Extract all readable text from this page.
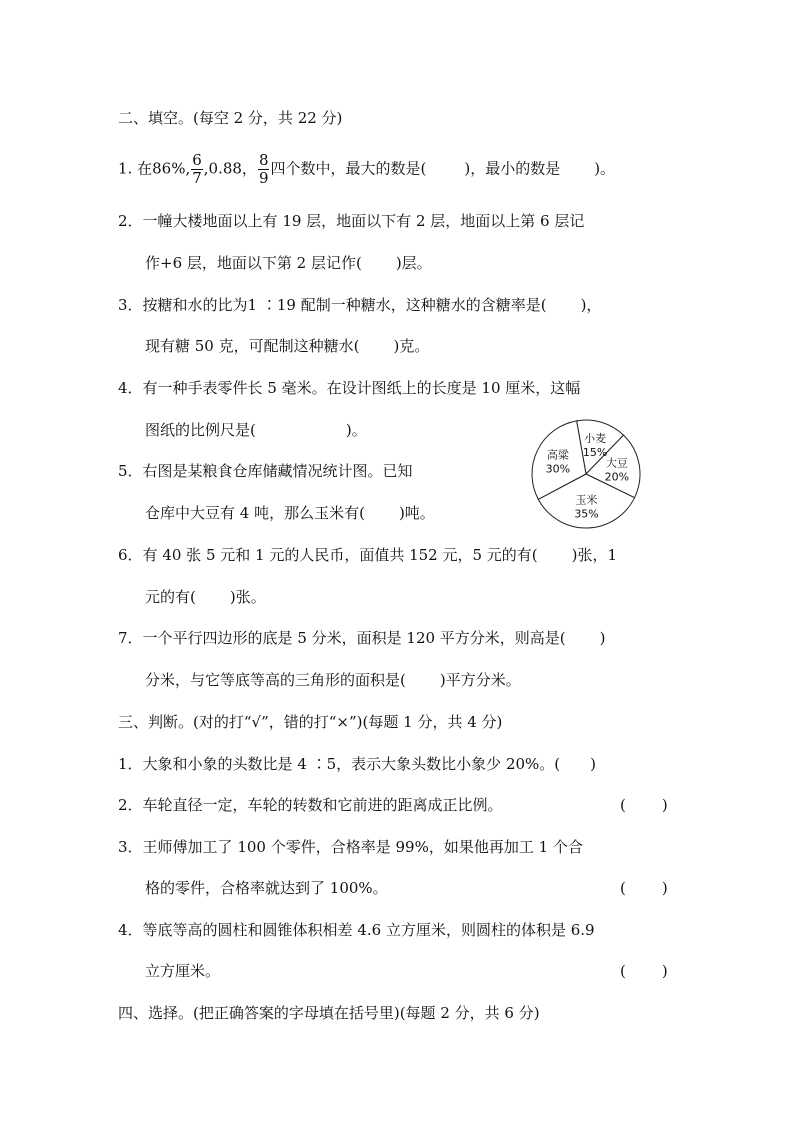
二、填空。(每空 2 分，共 22 分)
1. 在86%, $\frac{6}{7} ,0.88$， $\frac{8}{9}$ 四个数中，最大的数是(	)，最小的数是 )。
2．一幢大楼地面以上有 19 层，地面以下有 2 层，地面以上第 6 层记
作+6 层，地面以下第 2 层记作( )层。
3．按糖和水的比为1 ∶19 配制一种糖水，这种糖水的含糖率是( )，
现有糖 50 克，可配制这种糖水( )克。
4．有一种手表零件长 5 毫米。在设计图纸上的长度是 10 厘米，这幅
图纸的比例尺是(	)。
5．右图是某粮食仓库储藏情况统计图。已知
仓库中大豆有 4 吨，那么玉米有( )吨。
小麦
15%
大豆
20%
玉米
35%
高粱
30%
6．有 40 张 5 元和 1 元的人民币，面值共 152 元，5 元的有( )张，1
元的有( )张。
7．一个平行四边形的底是 5 分米，面积是 120 平方分米，则高是( )
分米，与它等底等高的三角形的面积是( )平方分米。
三、判断。(对的打“√”，错的打“×”)(每题 1 分，共 4 分)
1．大象和小象的头数比是 4 ∶5，表示大象头数比小象少 20%。( )
2．车轮直径一定，车轮的转数和它前进的距离成正比例。	( )
3．王师傅加工了 100 个零件，合格率是 99%，如果他再加工 1 个合
格的零件，合格率就达到了 100%。	( )
4．等底等高的圆柱和圆锥体积相差 4.6 立方厘米，则圆柱的体积是 6.9
立方厘米。	( )
四、选择。(把正确答案的字母填在括号里)(每题 2 分，共 6 分)
